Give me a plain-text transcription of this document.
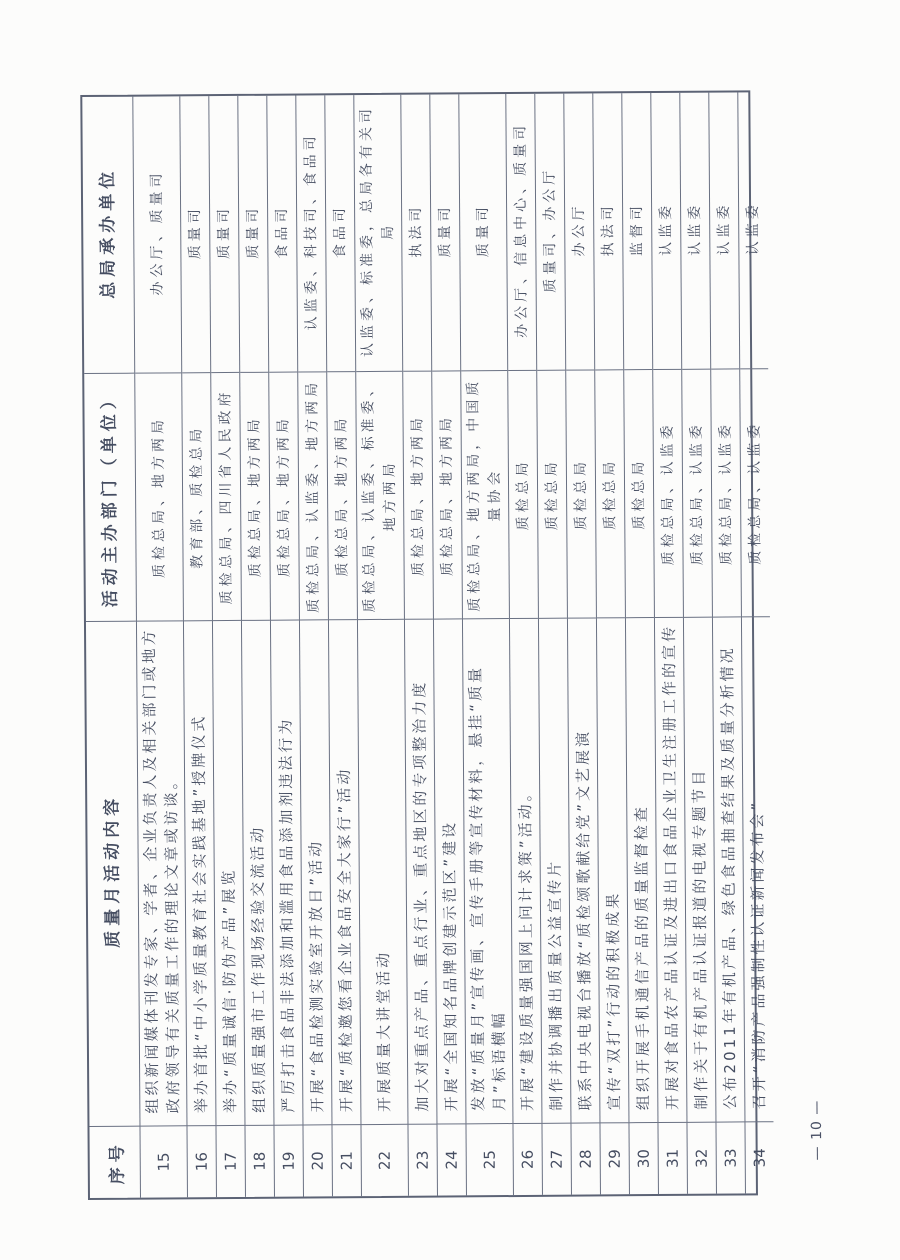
序号
质量月活动内容
活动主办部门（单位）
总局承办单位
15
组织新闻媒体刊发专家、学者、企业负责人及相关部门或地方政府领导有关质量工作的理论文章或访谈。
质检总局、地方两局
办公厅、质量司
16
举办首批“中小学质量教育社会实践基地”授牌仪式
教育部、质检总局
质量司
17
举办“质量诚信·防伪产品”展览
质检总局、四川省人民政府
质量司
18
组织质量强市工作现场经验交流活动
质检总局、地方两局
质量司
19
严厉打击食品非法添加和滥用食品添加剂违法行为
质检总局、地方两局
食品司
20
开展“食品检测实验室开放日”活动
质检总局、认监委、地方两局
认监委、科技司、食品司
21
开展“质检邀您看企业食品安全大家行”活动
质检总局、地方两局
食品司
22
开展质量大讲堂活动
质检总局、认监委、标准委、地方两局
认监委、标准委，总局各有关司局
23
加大对重点产品、重点行业、重点地区的专项整治力度
质检总局、地方两局
执法司
24
开展“全国知名品牌创建示范区”建设
质检总局、地方两局
质量司
25
发放“质量月”宣传画、宣传手册等宣传材料，悬挂“质量月”标语横幅
质检总局、地方两局，中国质量协会
质量司
26
开展“建设质量强国网上问计求策”活动。
质检总局
办公厅、信息中心、质量司
27
制作并协调播出质量公益宣传片
质检总局
质量司、办公厅
28
联系中央电视台播放“质检颂歌献给党”文艺展演
质检总局
办公厅
29
宣传“双打”行动的积极成果
质检总局
执法司
30
组织开展手机通信产品的质量监督检查
质检总局
监督司
31
开展对食品农产品认证及进出口食品企业卫生注册工作的宣传
质检总局、认监委
认监委
32
制作关于有机产品认证报道的电视专题节目
质检总局、认监委
认监委
33
公布2011年有机产品、绿色食品抽查结果及质量分析情况
质检总局、认监委
认监委
34
召开“消防产品强制性认证新闻发布会”
质检总局、认监委
认监委
— 10 —
